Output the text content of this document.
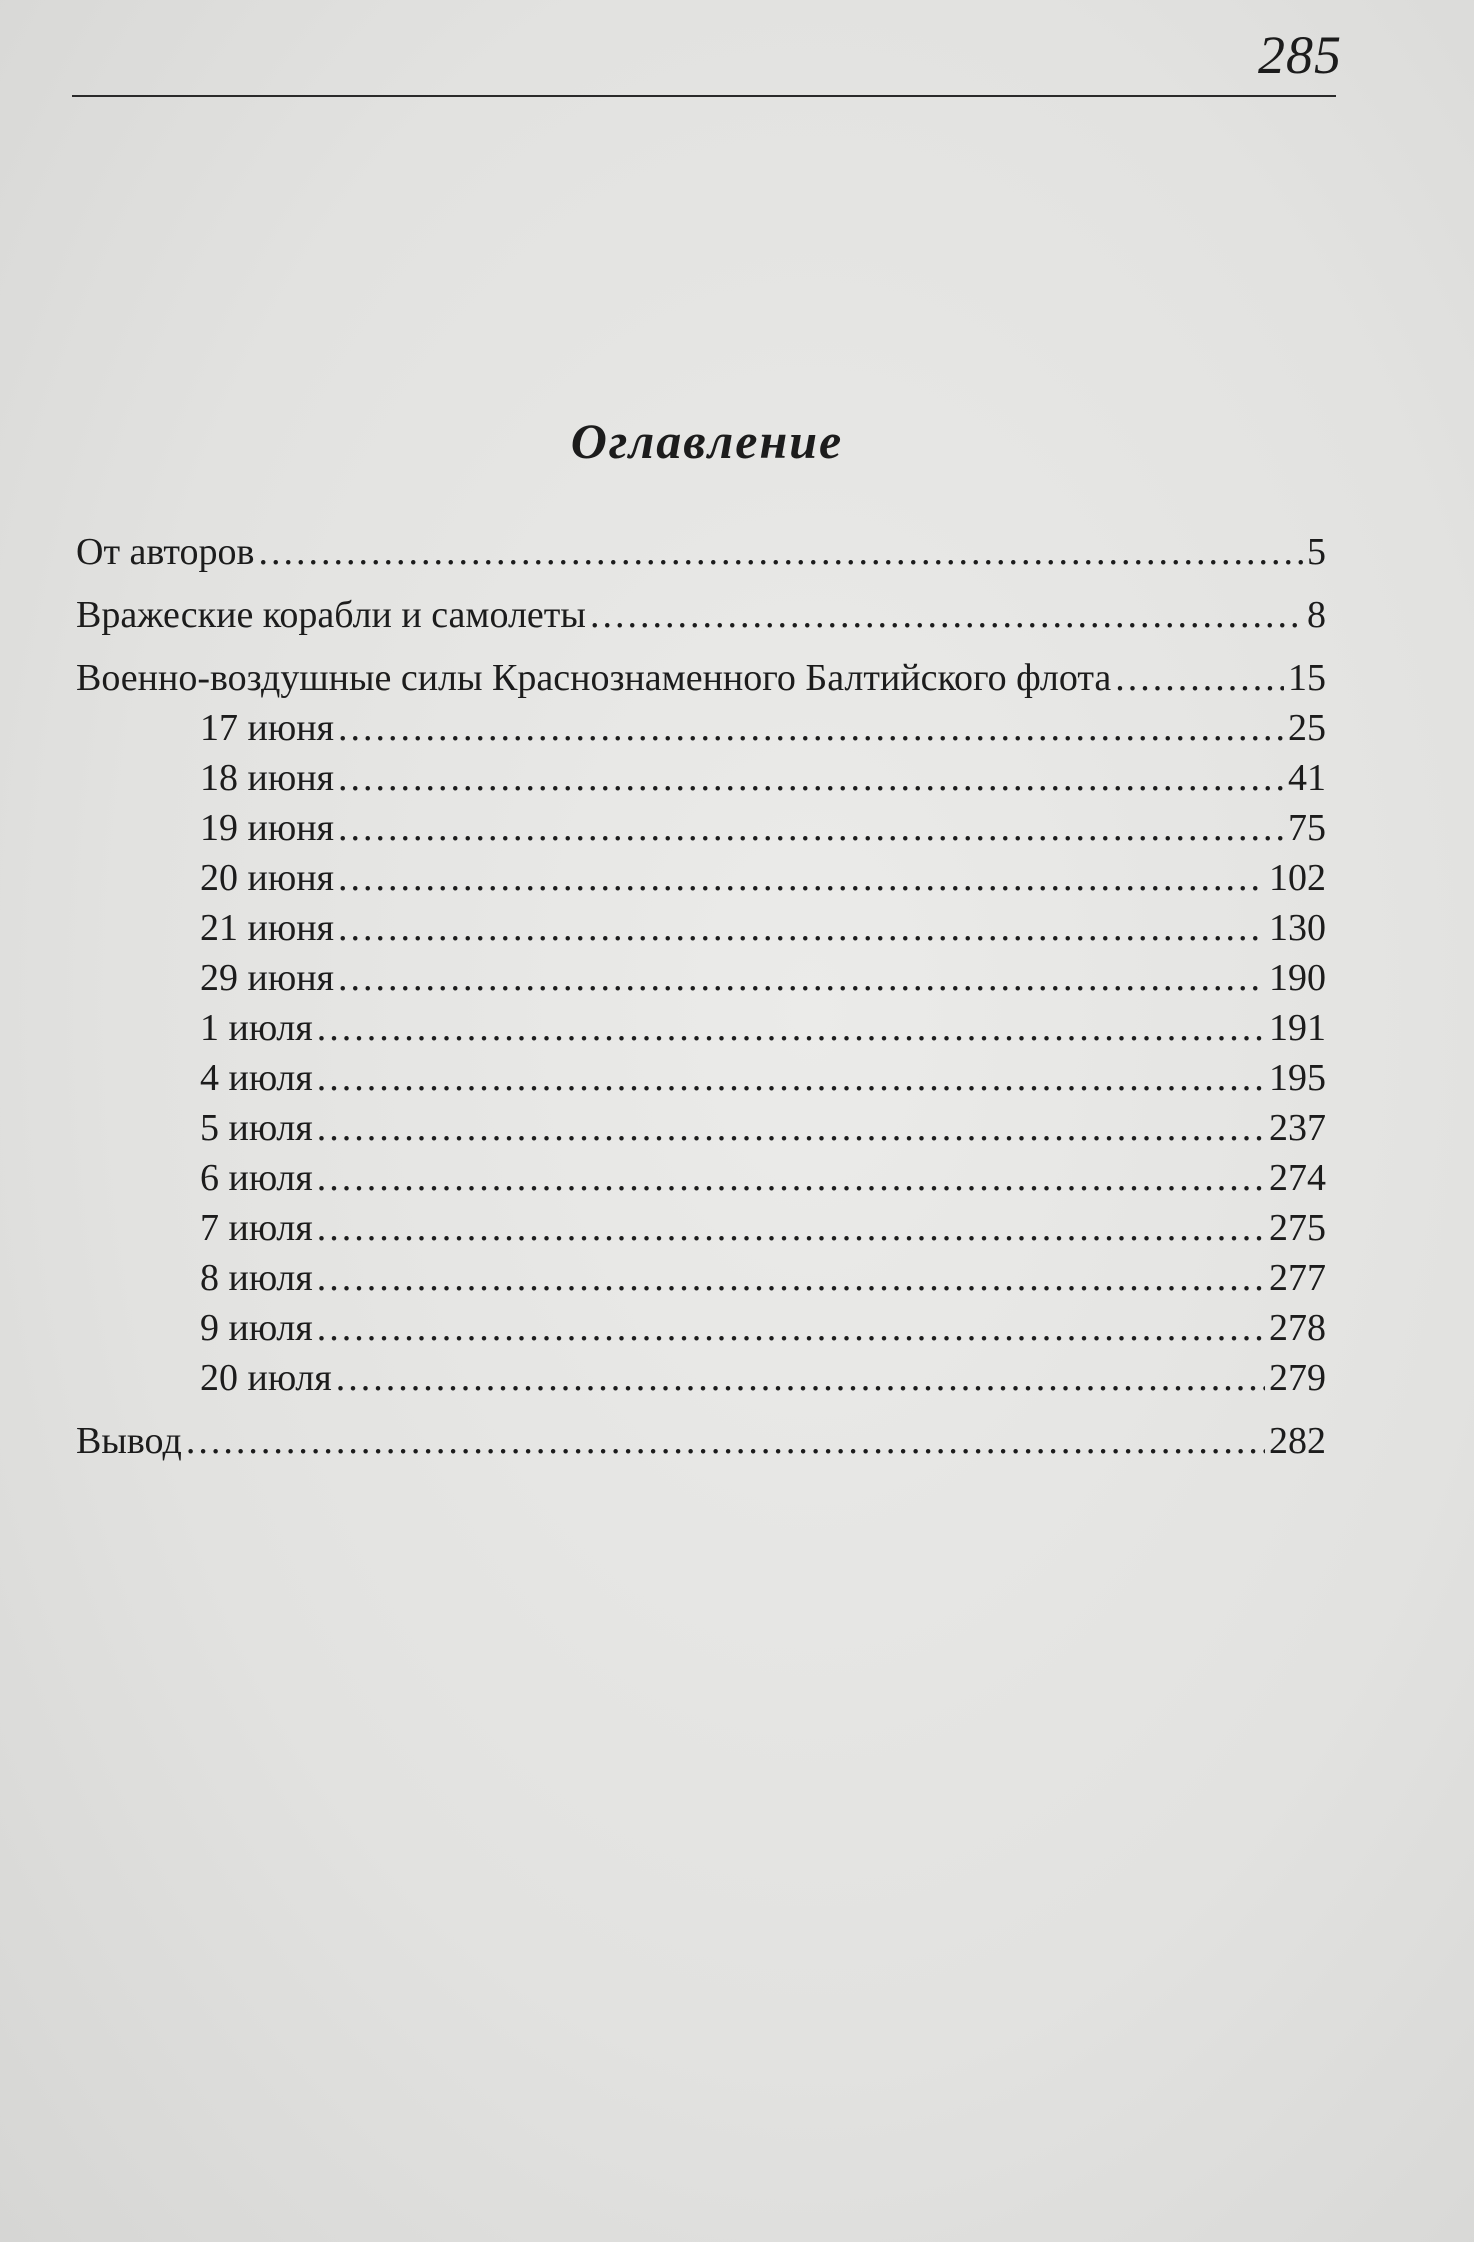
285
Оглавление
От авторов .....	5
Вражеские корабли и самолеты .....	8
Военно-воздушные силы Краснознаменного Балтийского флота .....	15
17 июня .....	25
18 июня .....	41
19 июня .....	75
20 июня .....	102
21 июня .....	130
29 июня .....	190
1 июля .....	191
4 июля .....	195
5 июля .....	237
6 июля .....	274
7 июля .....	275
8 июля .....	277
9 июля .....	278
20 июля .....	279
Вывод .....	282
